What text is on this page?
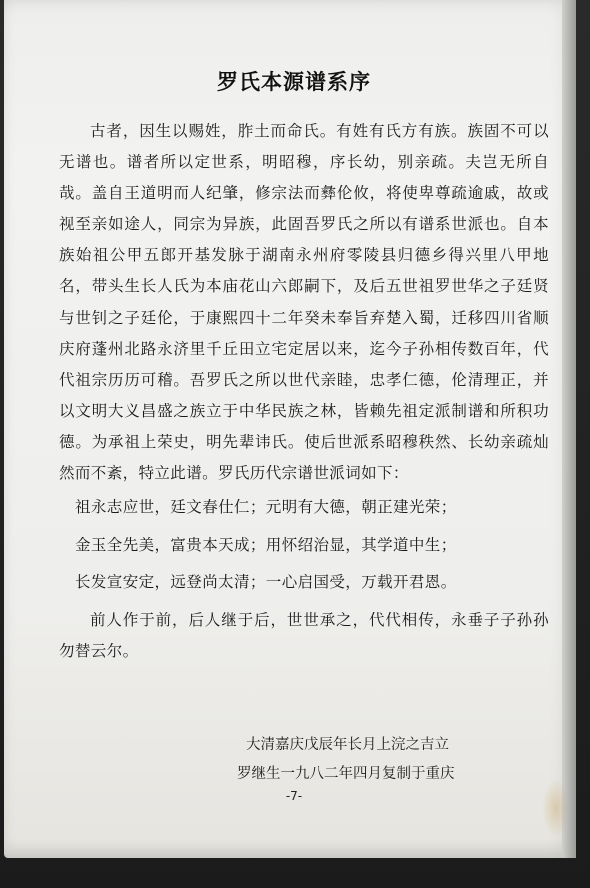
罗氏本源谱系序

古者，因生以赐姓，胙土而命氏。有姓有氏方有族。族固不可以无谱也。谱者所以定世系，明昭穆，序长幼，别亲疏。夫岂无所自哉。盖自王道明而人纪肇，修宗法而彝伦攸，将使卑尊疏逾戚，故或视至亲如途人，同宗为异族，此固吾罗氏之所以有谱系世派也。自本族始祖公甲五郎开基发脉于湖南永州府零陵县归德乡得兴里八甲地名，带头生长人氏为本庙花山六郎嗣下，及后五世祖罗世华之子廷贤与世钊之子廷伦，于康熙四十二年癸未奉旨弃楚入蜀，迁移四川省顺庆府蓬州北路永济里千丘田立宅定居以来，迄今子孙相传数百年，代代祖宗历历可稽。吾罗氏之所以世代亲睦，忠孝仁德，伦清理正，并以文明大义昌盛之族立于中华民族之林，皆赖先祖定派制谱和所积功德。为承祖上荣史，明先辈讳氏。使后世派系昭穆秩然、长幼亲疏灿然而不紊，特立此谱。罗氏历代宗谱世派词如下：

祖永志应世，廷文春仕仁；元明有大德，朝正建光荣；

金玉全先美，富贵本天成；用怀绍治显，其学道中生；

长发宣安定，远登尚太清；一心启国受，万载开君恩。

前人作于前，后人继于后，世世承之，代代相传，永垂子子孙孙勿替云尔。

大清嘉庆戊辰年长月上浣之吉立

罗继生一九八二年四月复制于重庆

-7-
